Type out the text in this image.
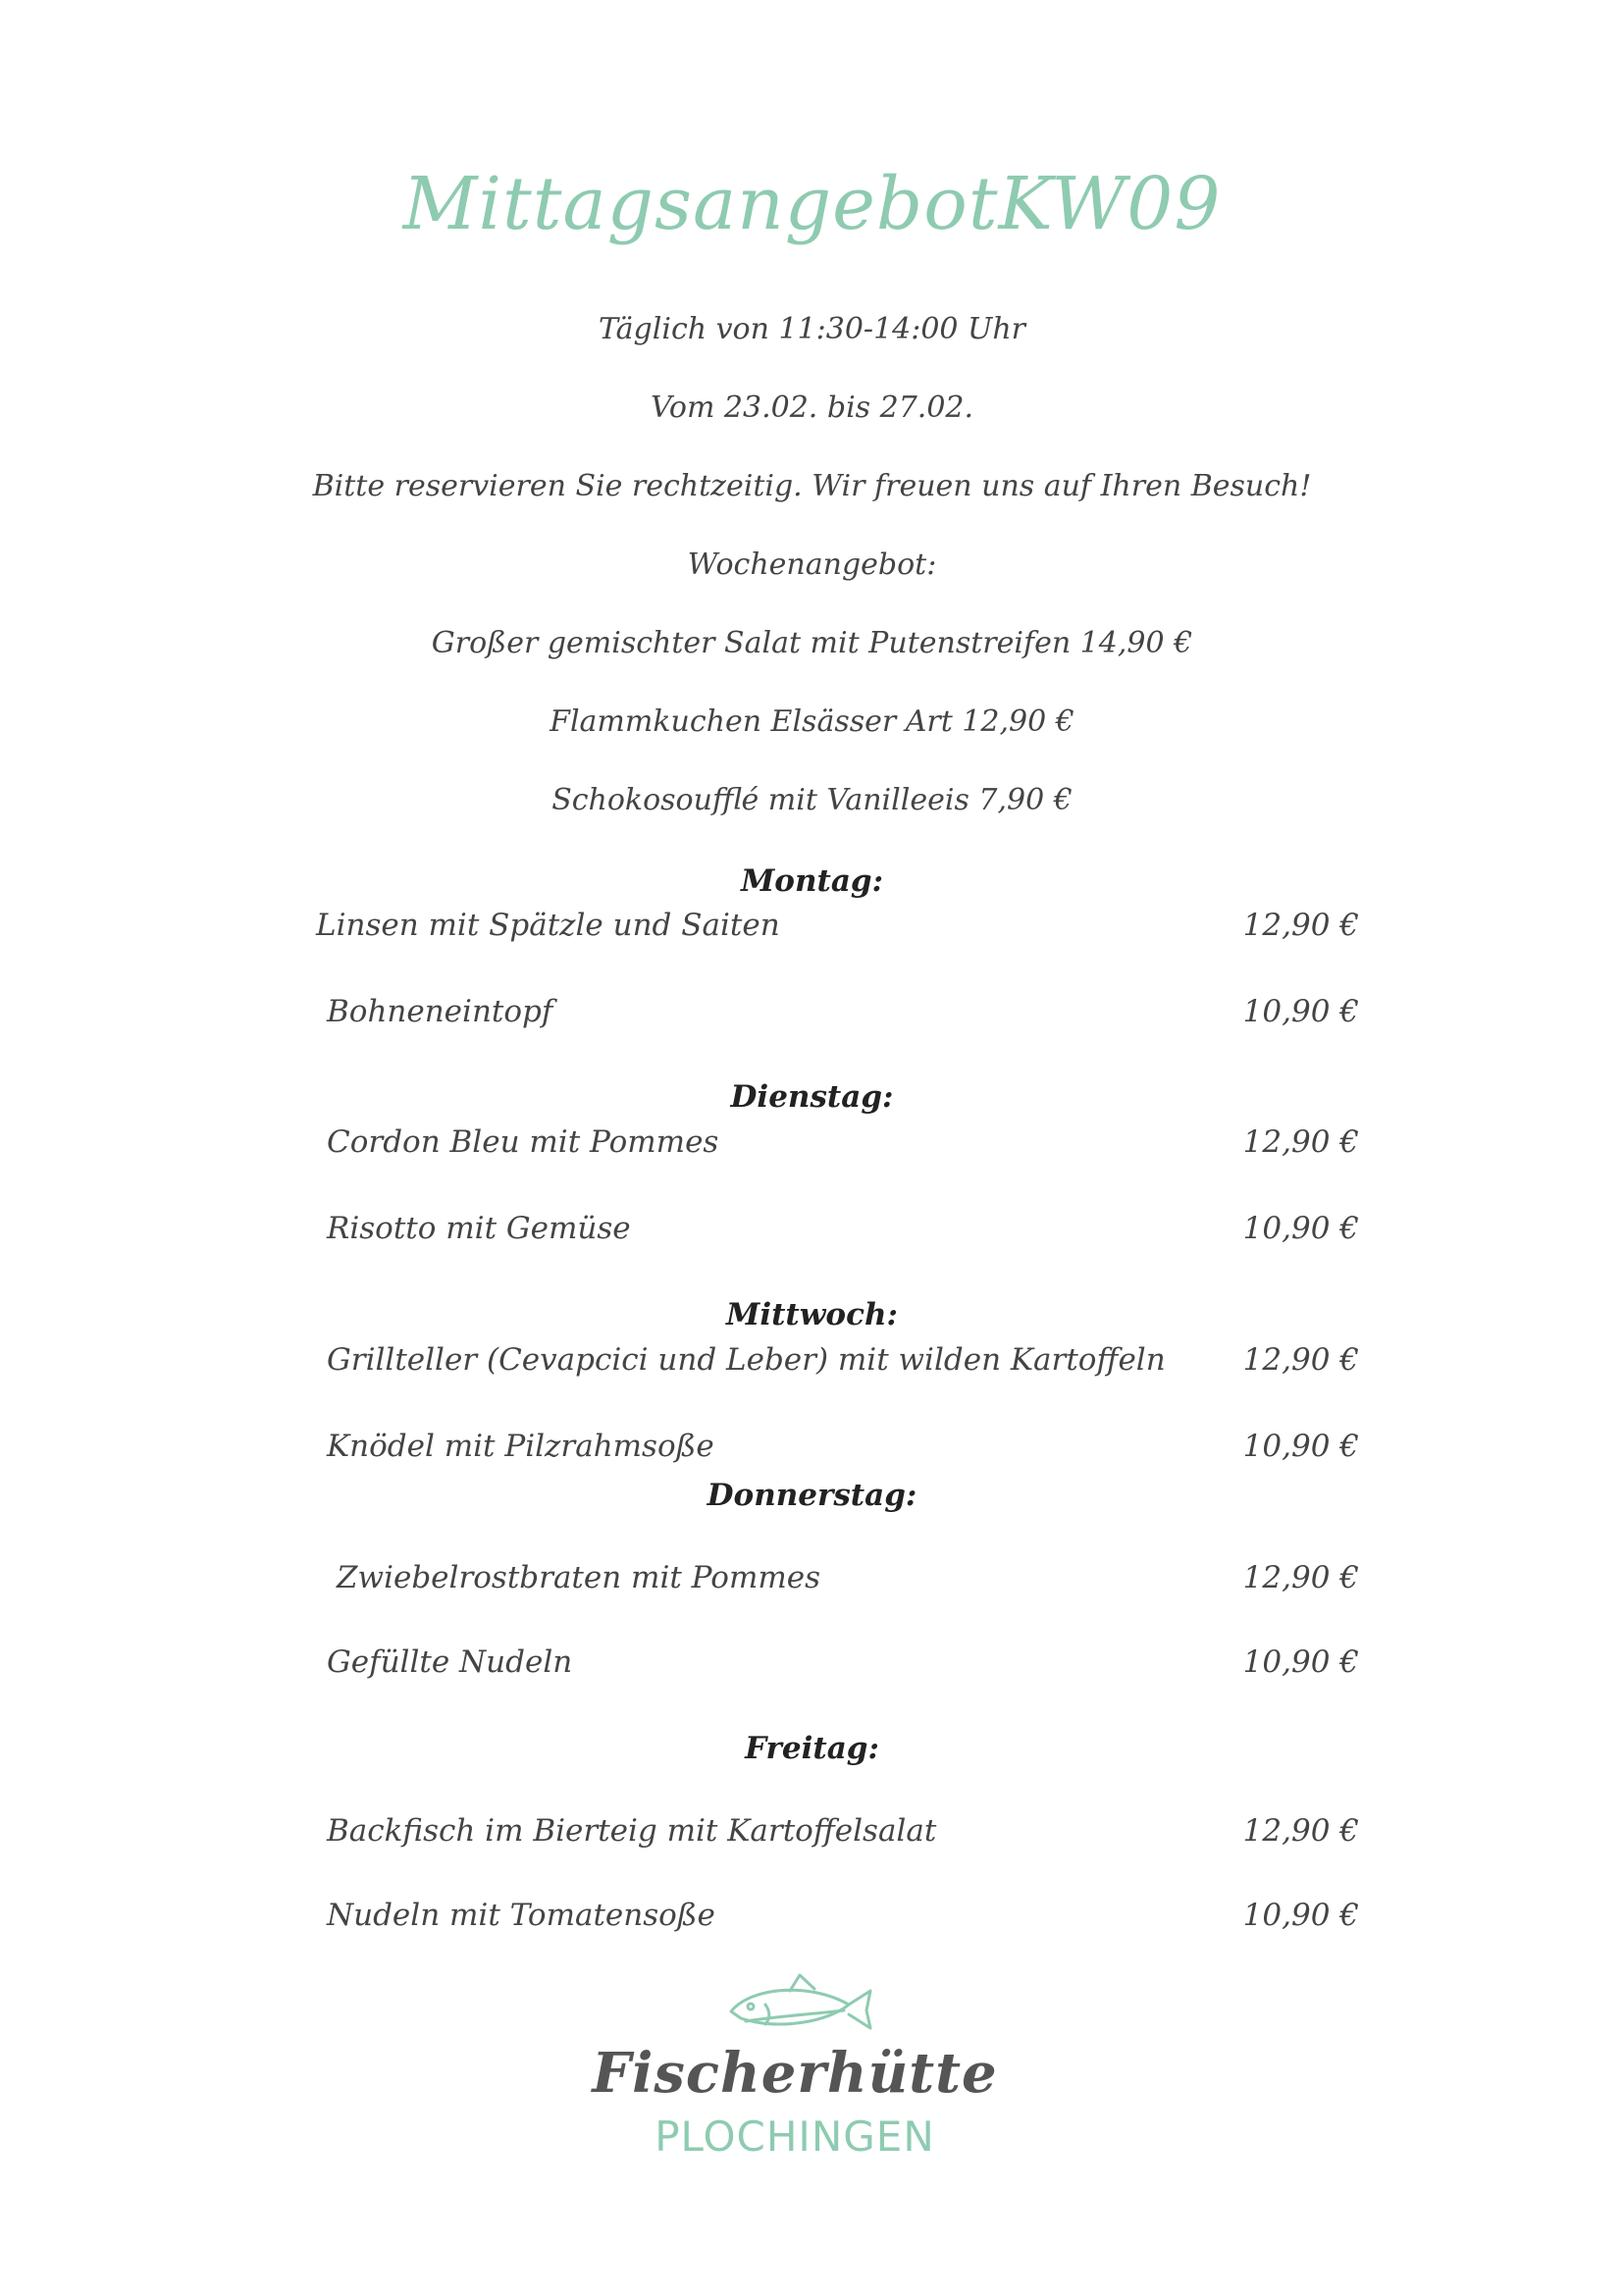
MittagsangebotKW09
Täglich von 11:30-14:00 Uhr
Vom 23.02. bis 27.02.
Bitte reservieren Sie rechtzeitig. Wir freuen uns auf Ihren Besuch!
Wochenangebot:
Großer gemischter Salat mit Putenstreifen 14,90 €
Flammkuchen Elsässer Art 12,90 €
Schokosoufflé mit Vanilleeis 7,90 €
Montag:
Linsen mit Spätzle und Saiten	12,90 €
Bohneneintopf	10,90 €
Dienstag:
Cordon Bleu mit Pommes	12,90 €
Risotto mit Gemüse	10,90 €
Mittwoch:
Grillteller (Cevapcici und Leber) mit wilden Kartoffeln	12,90 €
Knödel mit Pilzrahmsoße	10,90 €
Donnerstag:
Zwiebelrostbraten mit Pommes	12,90 €
Gefüllte Nudeln	10,90 €
Freitag:
Backfisch im Bierteig mit Kartoffelsalat	12,90 €
Nudeln mit Tomatensoße	10,90 €
Fischerhütte
PLOCHINGEN
